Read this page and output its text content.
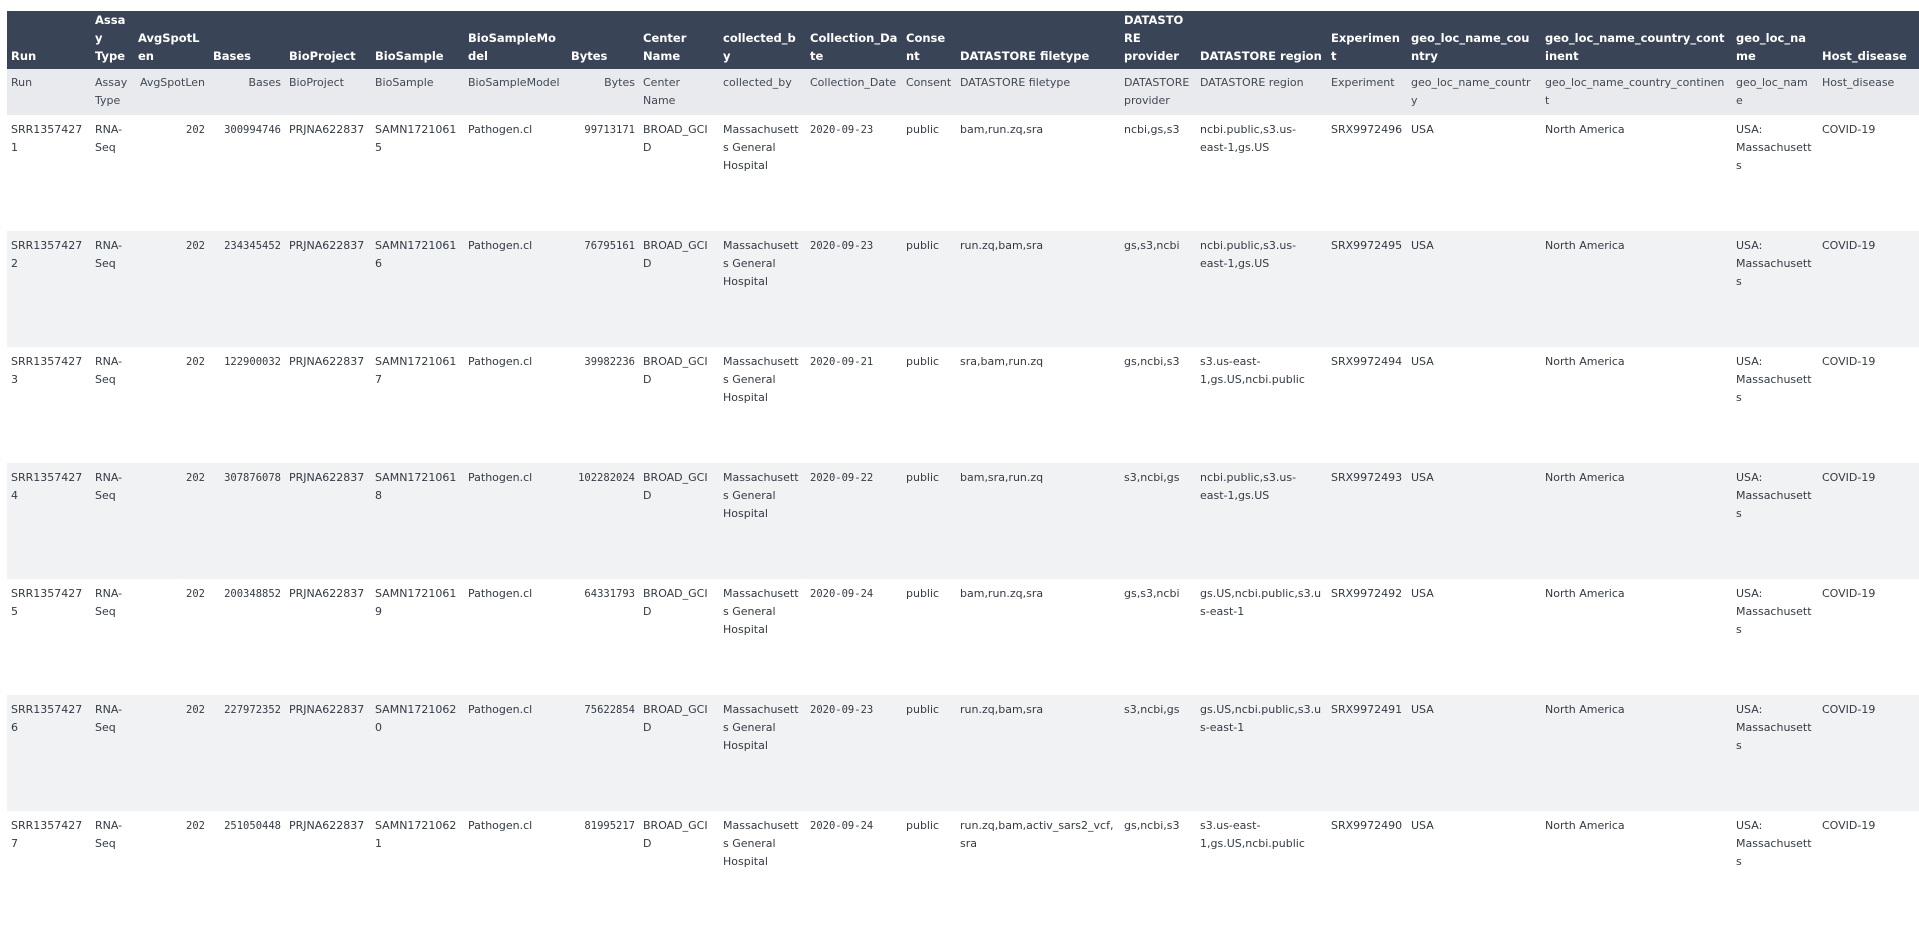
Run	Assay Type	AvgSpotLen	Bases	BioProject	BioSample	BioSampleModel	Bytes	Center Name	collected_by	Collection_Date	Consent	DATASTORE filetype	DATASTORE provider	DATASTORE region	Experiment	geo_loc_name_country	geo_loc_name_country_continent	geo_loc_name	Host_disease
Run	Assay Type	AvgSpotLen	Bases	BioProject	BioSample	BioSampleModel	Bytes	Center Name	collected_by	Collection_Date	Consent	DATASTORE filetype	DATASTORE provider	DATASTORE region	Experiment	geo_loc_name_country	geo_loc_name_country_continent	geo_loc_name	Host_disease
SRR13574271	RNA-Seq	202	300994746	PRJNA622837	SAMN17210615	Pathogen.cl	99713171	BROAD_GCID	Massachusetts General Hospital	2020-09-23	public	bam,run.zq,sra	ncbi,gs,s3	ncbi.public,s3.us-east-1,gs.US	SRX9972496	USA	North America	USA: Massachusetts	COVID-19
SRR13574272	RNA-Seq	202	234345452	PRJNA622837	SAMN17210616	Pathogen.cl	76795161	BROAD_GCID	Massachusetts General Hospital	2020-09-23	public	run.zq,bam,sra	gs,s3,ncbi	ncbi.public,s3.us-east-1,gs.US	SRX9972495	USA	North America	USA: Massachusetts	COVID-19
SRR13574273	RNA-Seq	202	122900032	PRJNA622837	SAMN17210617	Pathogen.cl	39982236	BROAD_GCID	Massachusetts General Hospital	2020-09-21	public	sra,bam,run.zq	gs,ncbi,s3	s3.us-east-1,gs.US,ncbi.public	SRX9972494	USA	North America	USA: Massachusetts	COVID-19
SRR13574274	RNA-Seq	202	307876078	PRJNA622837	SAMN17210618	Pathogen.cl	102282024	BROAD_GCID	Massachusetts General Hospital	2020-09-22	public	bam,sra,run.zq	s3,ncbi,gs	ncbi.public,s3.us-east-1,gs.US	SRX9972493	USA	North America	USA: Massachusetts	COVID-19
SRR13574275	RNA-Seq	202	200348852	PRJNA622837	SAMN17210619	Pathogen.cl	64331793	BROAD_GCID	Massachusetts General Hospital	2020-09-24	public	bam,run.zq,sra	gs,s3,ncbi	gs.US,ncbi.public,s3.us-east-1	SRX9972492	USA	North America	USA: Massachusetts	COVID-19
SRR13574276	RNA-Seq	202	227972352	PRJNA622837	SAMN17210620	Pathogen.cl	75622854	BROAD_GCID	Massachusetts General Hospital	2020-09-23	public	run.zq,bam,sra	s3,ncbi,gs	gs.US,ncbi.public,s3.us-east-1	SRX9972491	USA	North America	USA: Massachusetts	COVID-19
SRR13574277	RNA-Seq	202	251050448	PRJNA622837	SAMN17210621	Pathogen.cl	81995217	BROAD_GCID	Massachusetts General Hospital	2020-09-24	public	run.zq,bam,activ_sars2_vcf,sra	gs,ncbi,s3	s3.us-east-1,gs.US,ncbi.public	SRX9972490	USA	North America	USA: Massachusetts	COVID-19
